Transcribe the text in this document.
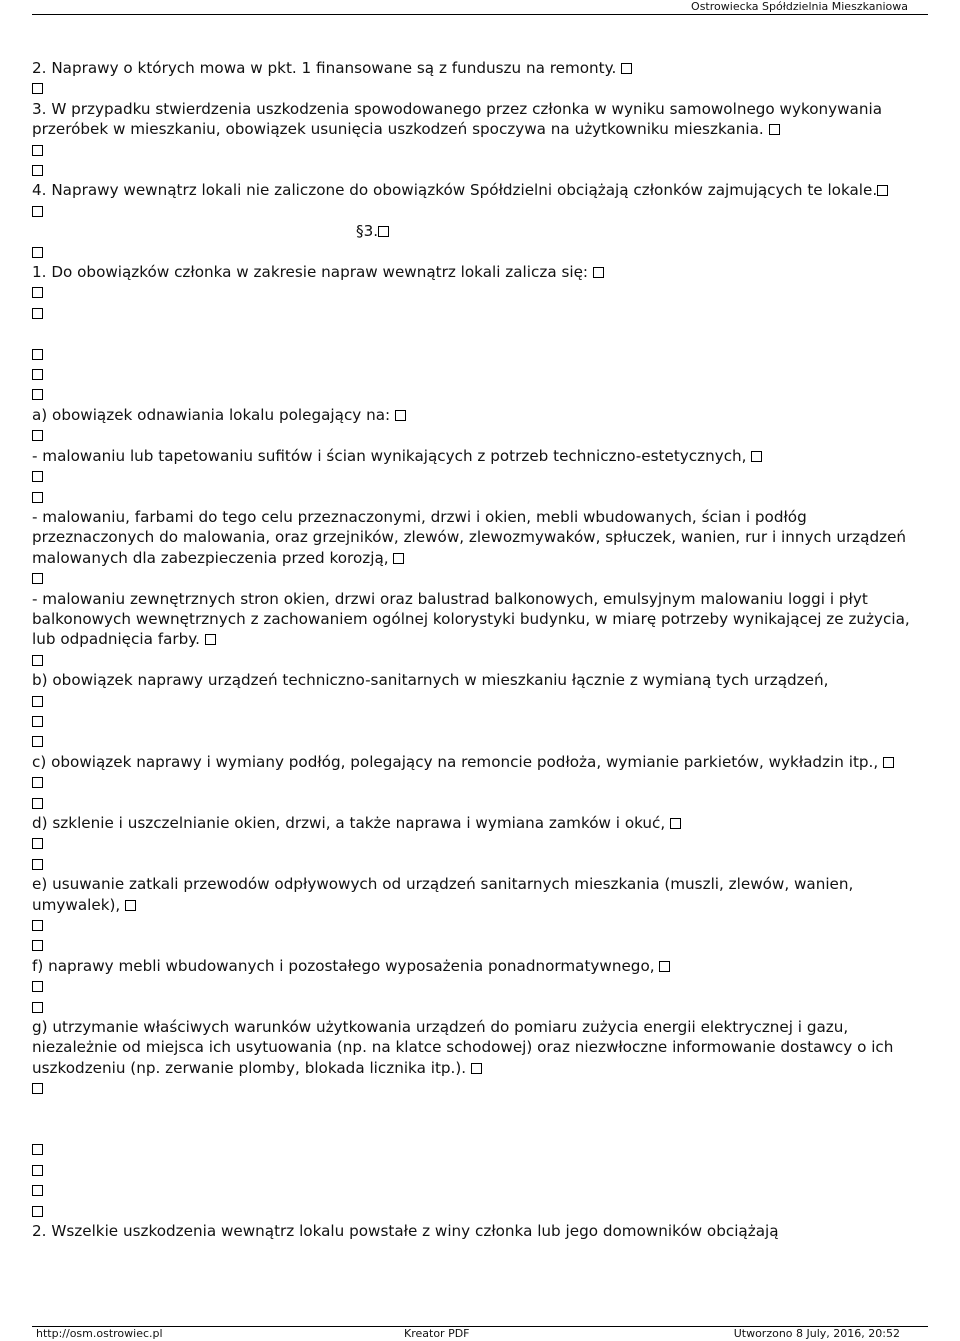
Ostrowiecka Spółdzielnia Mieszkaniowa
2. Naprawy o których mowa w pkt. 1 finansowane są z funduszu na remonty.
3. W przypadku stwierdzenia uszkodzenia spowodowanego przez członka w wyniku samowolnego wykonywania przeróbek w mieszkaniu, obowiązek usunięcia uszkodzeń spoczywa na użytkowniku mieszkania.
4. Naprawy wewnątrz lokali nie zaliczone do obowiązków Spółdzielni obciążają członków zajmujących te lokale.
§3.
1. Do obowiązków członka w zakresie napraw wewnątrz lokali zalicza się:
a) obowiązek odnawiania lokalu polegający na:
- malowaniu lub tapetowaniu sufitów i ścian wynikających z potrzeb techniczno-estetycznych,
- malowaniu, farbami do tego celu przeznaczonymi, drzwi i okien, mebli wbudowanych, ścian i podłóg przeznaczonych do malowania, oraz grzejników, zlewów, zlewozmywaków, spłuczek, wanien, rur i innych urządzeń malowanych dla zabezpieczenia przed korozją,
- malowaniu zewnętrznych stron okien, drzwi oraz balustrad balkonowych, emulsyjnym malowaniu loggi i płyt balkonowych wewnętrznych z zachowaniem ogólnej kolorystyki budynku, w miarę potrzeby wynikającej ze zużycia, lub odpadnięcia farby.
b) obowiązek naprawy urządzeń techniczno-sanitarnych w mieszkaniu łącznie z wymianą tych urządzeń,
c) obowiązek naprawy i wymiany podłóg, polegający na remoncie podłoża, wymianie parkietów, wykładzin itp.,
d) szklenie i uszczelnianie okien, drzwi, a także naprawa i wymiana zamków i okuć,
e) usuwanie zatkali przewodów odpływowych od urządzeń sanitarnych mieszkania (muszli, zlewów, wanien, umywalek),
f) naprawy mebli wbudowanych i pozostałego wyposażenia ponadnormatywnego,
g) utrzymanie właściwych warunków użytkowania urządzeń do pomiaru zużycia energii elektrycznej i gazu, niezależnie od miejsca ich usytuowania (np. na klatce schodowej) oraz niezwłoczne informowanie dostawcy o ich uszkodzeniu (np. zerwanie plomby, blokada licznika itp.).
2. Wszelkie uszkodzenia wewnątrz lokalu powstałe z winy członka lub jego domowników obciążają
http://osm.ostrowiec.pl	Kreator PDF	Utworzono 8 July, 2016, 20:52
